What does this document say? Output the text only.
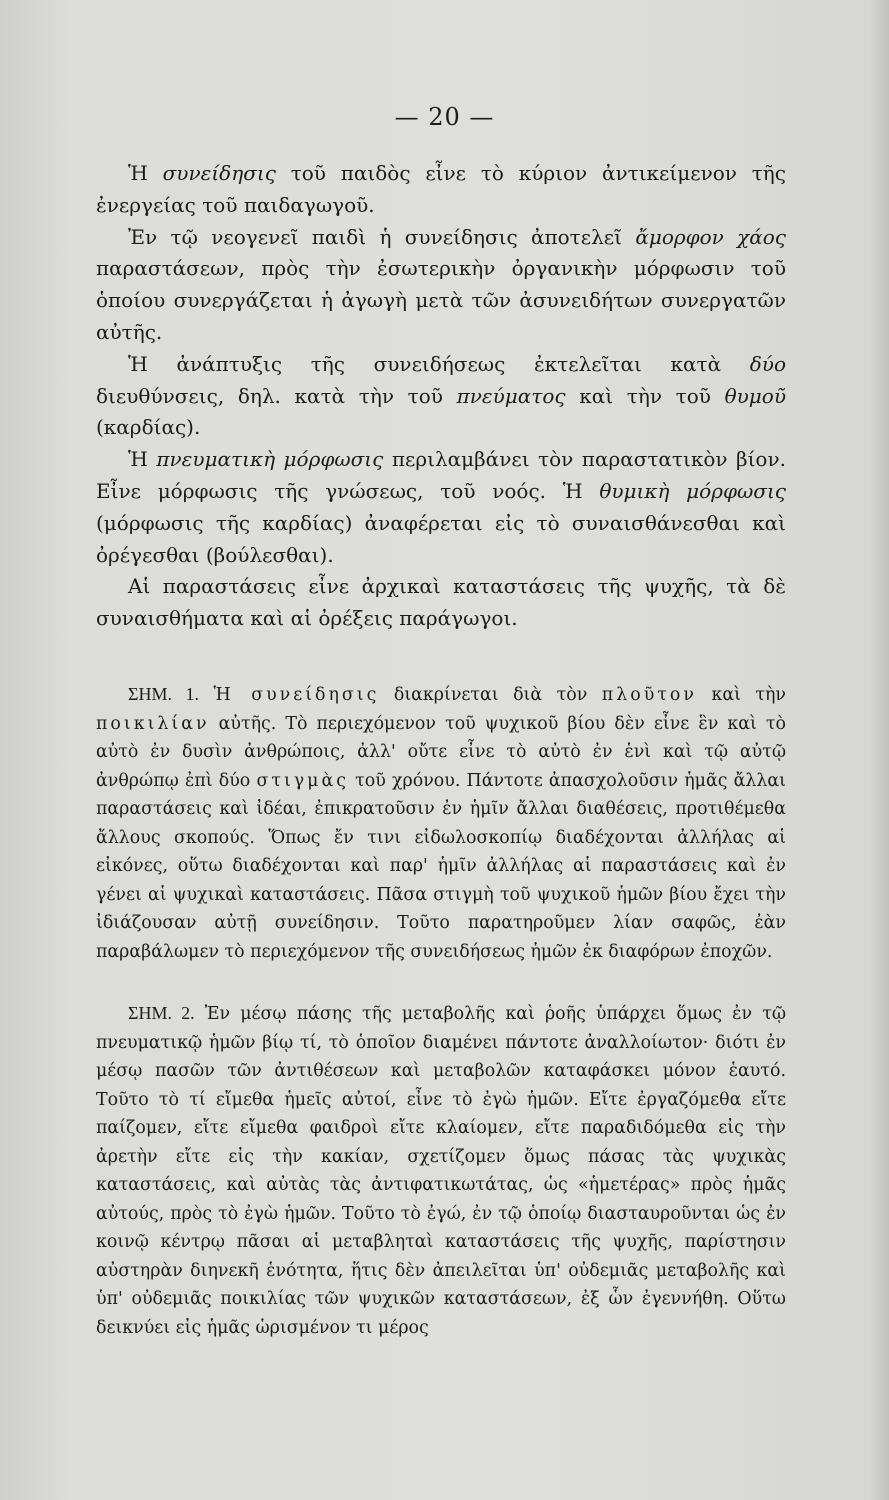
— 20 —

Ἡ συνείδησις τοῦ παιδὸς εἶνε τὸ κύριον ἀντικείμενον τῆς ἐνεργείας τοῦ παιδαγωγοῦ.

Ἐν τῷ νεογενεῖ παιδὶ ἡ συνείδησις ἀποτελεῖ ἄμορφον χάος παραστάσεων, πρὸς τὴν ἐσωτερικὴν ὀργανικὴν μόρφωσιν τοῦ ὁποίου συνεργάζεται ἡ ἀγωγὴ μετὰ τῶν ἀσυνειδήτων συνεργατῶν αὐτῆς.

Ἡ ἀνάπτυξις τῆς συνειδήσεως ἐκτελεῖται κατὰ δύο διευθύνσεις, δηλ. κατὰ τὴν τοῦ πνεύματος καὶ τὴν τοῦ θυμοῦ (καρδίας).

Ἡ πνευματικὴ μόρφωσις περιλαμβάνει τὸν παραστατικὸν βίον. Εἶνε μόρφωσις τῆς γνώσεως, τοῦ νοός. Ἡ θυμικὴ μόρφωσις (μόρφωσις τῆς καρδίας) ἀναφέρεται εἰς τὸ συναισθάνεσθαι καὶ ὀρέγεσθαι (βούλεσθαι).

Αἱ παραστάσεις εἶνε ἀρχικαὶ καταστάσεις τῆς ψυχῆς, τὰ δὲ συναισθήματα καὶ αἱ ὀρέξεις παράγωγοι.

ΣΗΜ. 1. Ἡ συνείδησις διακρίνεται διὰ τὸν πλοῦτον καὶ τὴν ποικιλίαν αὐτῆς. Τὸ περιεχόμενον τοῦ ψυχικοῦ βίου δὲν εἶνε ἓν καὶ τὸ αὐτὸ ἐν δυσὶν ἀνθρώποις, ἀλλ' οὔτε εἶνε τὸ αὐτὸ ἐν ἑνὶ καὶ τῷ αὐτῷ ἀνθρώπῳ ἐπὶ δύο στιγμὰς τοῦ χρόνου. Πάντοτε ἀπασχολοῦσιν ἡμᾶς ἄλλαι παραστάσεις καὶ ἰδέαι, ἐπικρατοῦσιν ἐν ἡμῖν ἄλλαι διαθέσεις, προτιθέμεθα ἄλλους σκοπούς. Ὅπως ἔν τινι εἰδωλοσκοπίῳ διαδέχονται ἀλλήλας αἱ εἰκόνες, οὕτω διαδέχονται καὶ παρ' ἡμῖν ἀλλήλας αἱ παραστάσεις καὶ ἐν γένει αἱ ψυχικαὶ καταστάσεις. Πᾶσα στιγμὴ τοῦ ψυχικοῦ ἡμῶν βίου ἔχει τὴν ἰδιάζουσαν αὐτῇ συνείδησιν. Τοῦτο παρατηροῦμεν λίαν σαφῶς, ἐὰν παραβάλωμεν τὸ περιεχόμενον τῆς συνειδήσεως ἡμῶν ἐκ διαφόρων ἐποχῶν.

ΣΗΜ. 2. Ἐν μέσῳ πάσης τῆς μεταβολῆς καὶ ῥοῆς ὑπάρχει ὅμως ἐν τῷ πνευματικῷ ἡμῶν βίῳ τί, τὸ ὁποῖον διαμένει πάντοτε ἀναλλοίωτον· διότι ἐν μέσῳ πασῶν τῶν ἀντιθέσεων καὶ μεταβολῶν καταφάσκει μόνον ἑαυτό. Τοῦτο τὸ τί εἴμεθα ἡμεῖς αὐτοί, εἶνε τὸ ἐγὼ ἡμῶν. Εἴτε ἐργαζόμεθα εἴτε παίζομεν, εἴτε εἴμεθα φαιδροὶ εἴτε κλαίομεν, εἴτε παραδιδόμεθα εἰς τὴν ἀρετὴν εἴτε εἰς τὴν κακίαν, σχετίζομεν ὅμως πάσας τὰς ψυχικὰς καταστάσεις, καὶ αὐτὰς τὰς ἀντιφατικωτάτας, ὡς «ἡμετέρας» πρὸς ἡμᾶς αὐτούς, πρὸς τὸ ἐγὼ ἡμῶν. Τοῦτο τὸ ἐγώ, ἐν τῷ ὁποίῳ διασταυροῦνται ὡς ἐν κοινῷ κέντρῳ πᾶσαι αἱ μεταβληταὶ καταστάσεις τῆς ψυχῆς, παρίστησιν αὐστηρὰν διηνεκῆ ἑνότητα, ἥτις δὲν ἀπειλεῖται ὑπ' οὐδεμιᾶς μεταβολῆς καὶ ὑπ' οὐδεμιᾶς ποικιλίας τῶν ψυχικῶν καταστάσεων, ἐξ ὧν ἐγεννήθη. Οὕτω δεικνύει εἰς ἡμᾶς ὡρισμένον τι μέρος
